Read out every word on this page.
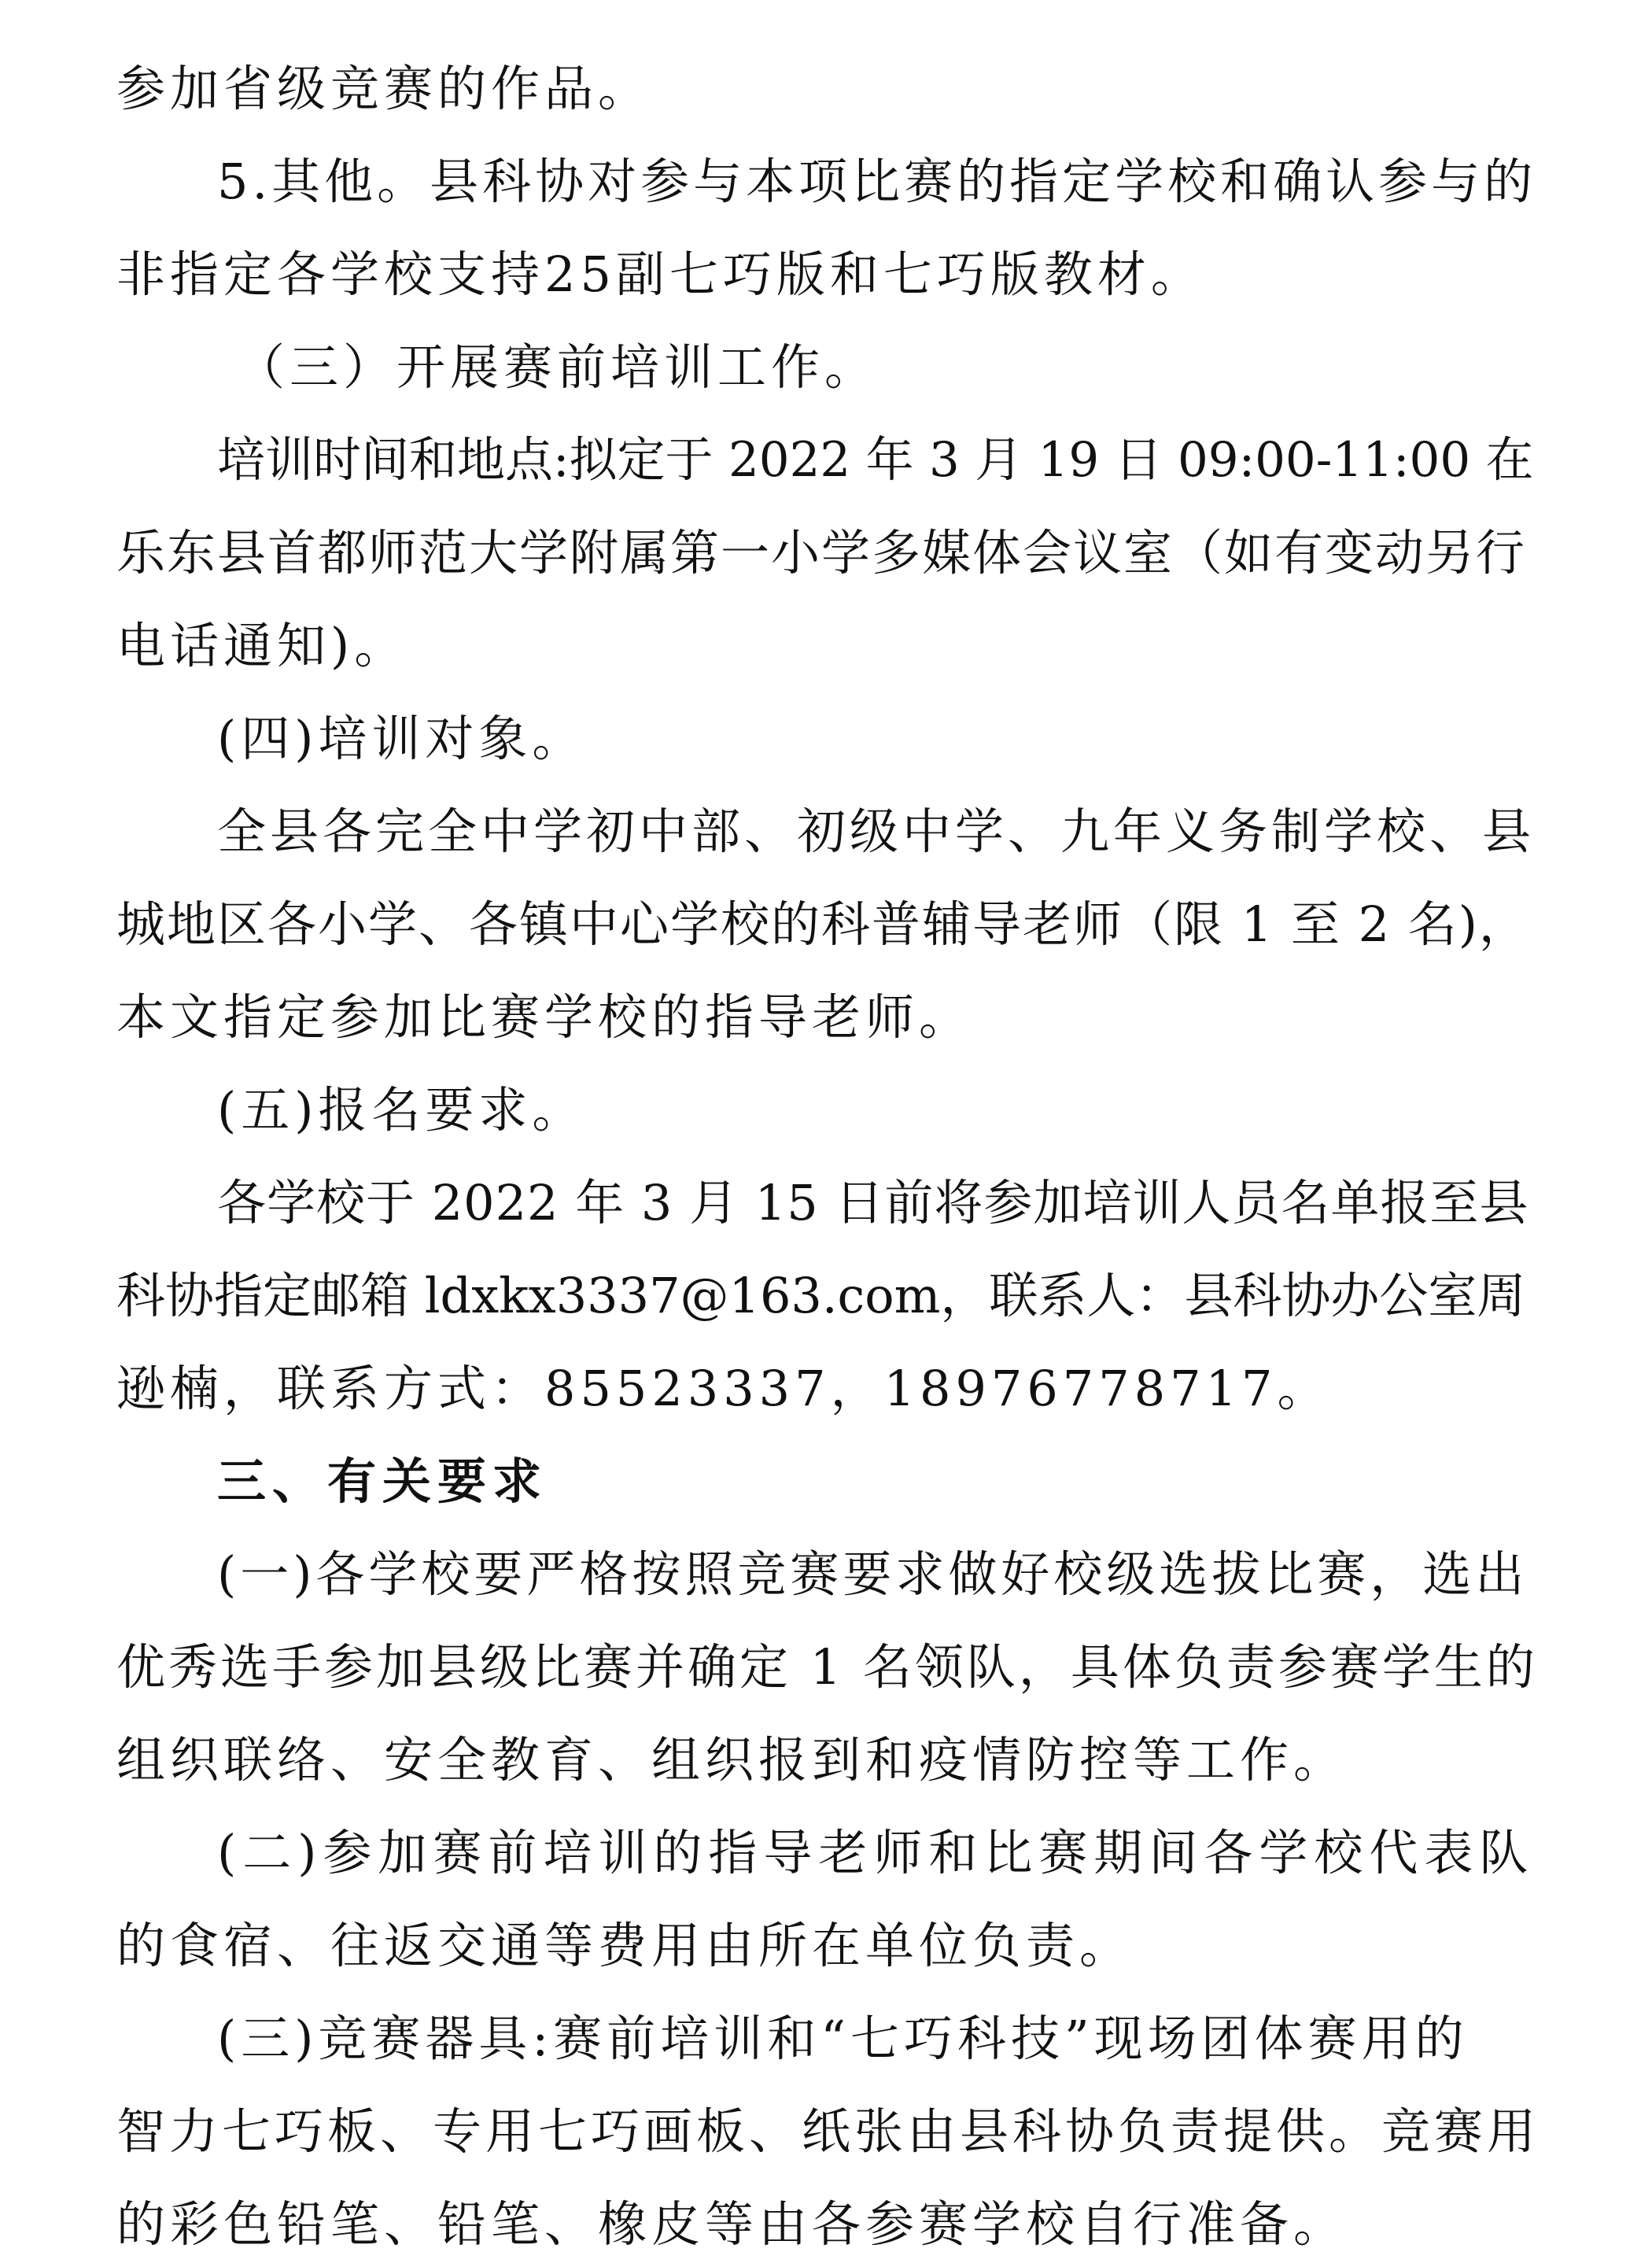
参加省级竞赛的作品。
5.其他。县科协对参与本项比赛的指定学校和确认参与的
非指定各学校支持25副七巧版和七巧版教材。
（三）开展赛前培训工作。
培训时间和地点:拟定于 2022 年 3 月 19 日 09:00-11:00 在
乐东县首都师范大学附属第一小学多媒体会议室（如有变动另行
电话通知)。
(四)培训对象。
全县各完全中学初中部、初级中学、九年义务制学校、县
城地区各小学、各镇中心学校的科普辅导老师（限 1 至 2 名)，
本文指定参加比赛学校的指导老师。
(五)报名要求。
各学校于 2022 年 3 月 15 日前将参加培训人员名单报至县
科协指定邮箱 ldxkx3337@163.com，联系人：县科协办公室周
逊楠，联系方式：85523337，18976778717。
三、有关要求
(一)各学校要严格按照竞赛要求做好校级选拔比赛，选出
优秀选手参加县级比赛并确定 1 名领队，具体负责参赛学生的
组织联络、安全教育、组织报到和疫情防控等工作。
(二)参加赛前培训的指导老师和比赛期间各学校代表队
的食宿、往返交通等费用由所在单位负责。
(三)竞赛器具:赛前培训和“七巧科技”现场团体赛用的
智力七巧板、专用七巧画板、纸张由县科协负责提供。竞赛用
的彩色铅笔、铅笔、橡皮等由各参赛学校自行准备。
